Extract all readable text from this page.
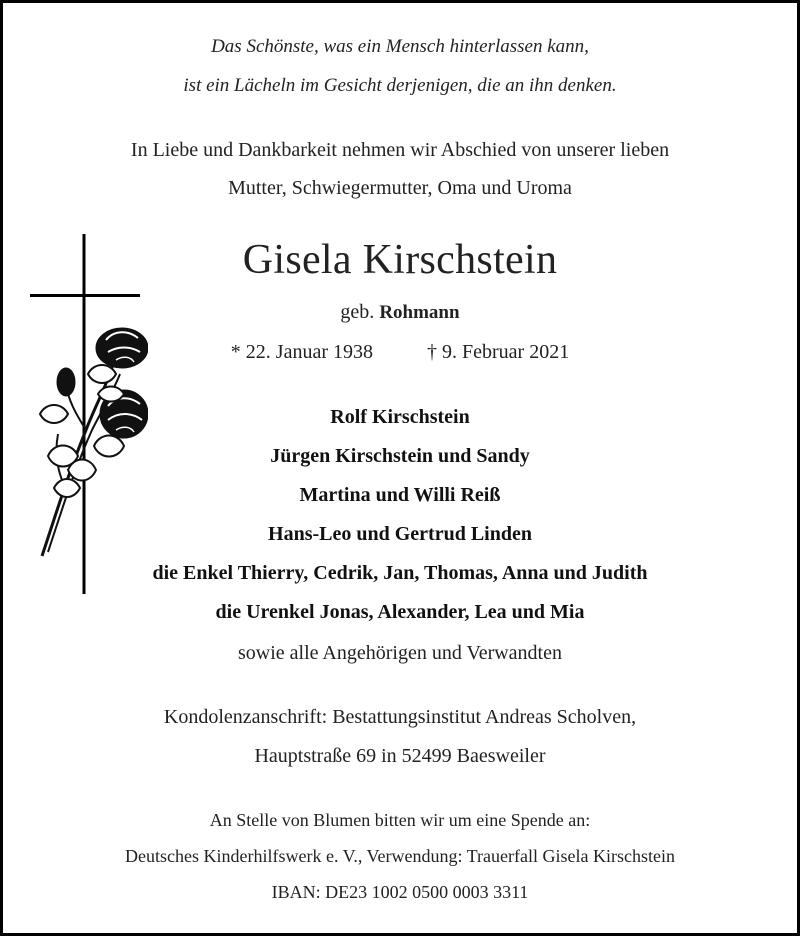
Das Schönste, was ein Mensch hinterlassen kann,
ist ein Lächeln im Gesicht derjenigen, die an ihn denken.
In Liebe und Dankbarkeit nehmen wir Abschied von unserer lieben
Mutter, Schwiegermutter, Oma und Uroma
Gisela Kirschstein
geb. Rohmann
* 22. Januar 1938	† 9. Februar 2021
Rolf Kirschstein
Jürgen Kirschstein und Sandy
Martina und Willi Reiß
Hans-Leo und Gertrud Linden
die Enkel Thierry, Cedrik, Jan, Thomas, Anna und Judith
die Urenkel Jonas, Alexander, Lea und Mia
sowie alle Angehörigen und Verwandten
Kondolenzanschrift: Bestattungsinstitut Andreas Scholven,
Hauptstraße 69 in 52499 Baesweiler
An Stelle von Blumen bitten wir um eine Spende an:
Deutsches Kinderhilfswerk e. V., Verwendung: Trauerfall Gisela Kirschstein
IBAN: DE23 1002 0500 0003 3311
